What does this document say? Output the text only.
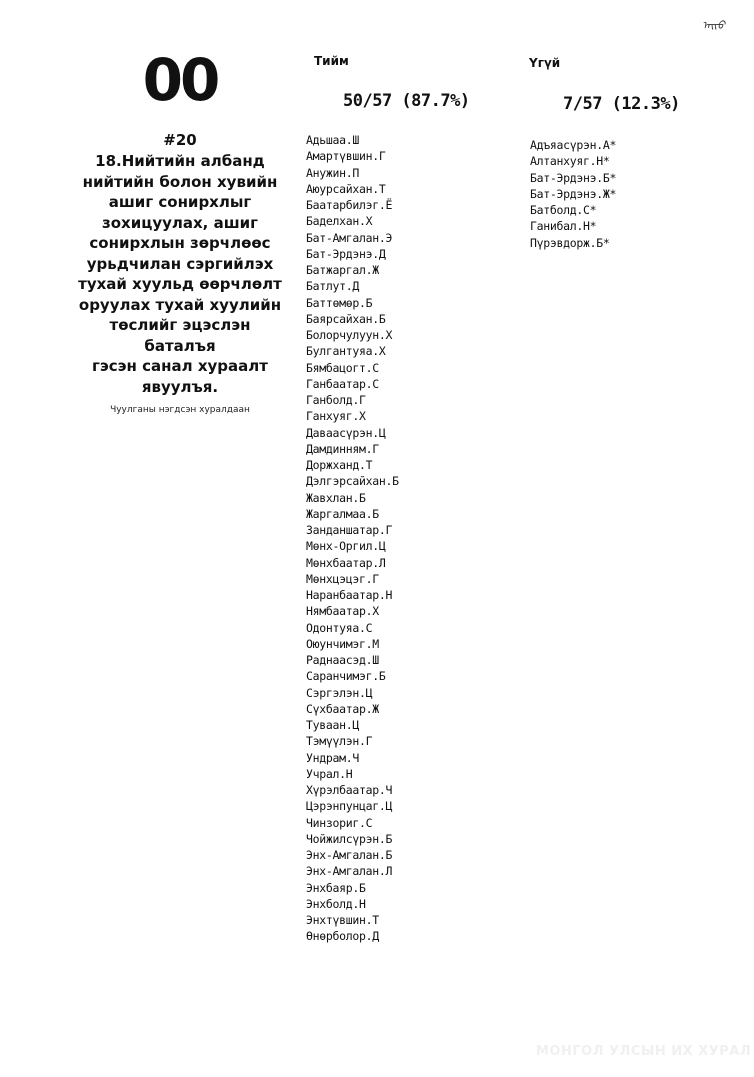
ᠠᠢᠦ
00
#20
18.Нийтийн албанд
нийтийн болон хувийн
ашиг сонирхлыг
зохицуулах, ашиг
сонирхлын зөрчлөөс
урьдчилан сэргийлэх
тухай хуульд өөрчлөлт
оруулах тухай хуулийн
төслийг эцэслэн баталъя
гэсэн санал хураалт
явуулъя.
Чуулганы нэгдсэн хуралдаан
Тийм
50/57 (87.7%)
Адьшаа.Ш
Амартүвшин.Г
Анужин.П
Аюурсайхан.Т
Баатарбилэг.Ё
Баделхан.Х
Бат-Амгалан.Э
Бат-Эрдэнэ.Д
Батжаргал.Ж
Батлут.Д
Баттөмөр.Б
Баярсайхан.Б
Болорчулуун.Х
Булгантуяа.Х
Бямбацогт.С
Ганбаатар.С
Ганболд.Г
Ганхуяг.Х
Даваасүрэн.Ц
Дамдинням.Г
Доржханд.Т
Дэлгэрсайхан.Б
Жавхлан.Б
Жаргалмаа.Б
Занданшатар.Г
Мөнх-Оргил.Ц
Мөнхбаатар.Л
Мөнхцэцэг.Г
Наранбаатар.Н
Нямбаатар.Х
Одонтуяа.С
Оюунчимэг.М
Раднаасэд.Ш
Саранчимэг.Б
Сэргэлэн.Ц
Сүхбаатар.Ж
Туваан.Ц
Тэмүүлэн.Г
Ундрам.Ч
Учрал.Н
Хүрэлбаатар.Ч
Цэрэнпунцаг.Ц
Чинзориг.С
Чойжилсүрэн.Б
Энх-Амгалан.Б
Энх-Амгалан.Л
Энхбаяр.Б
Энхболд.Н
Энхтүвшин.Т
Өнөрболор.Д
Үгүй
7/57 (12.3%)
Адъяасүрэн.А*
Алтанхуяг.Н*
Бат-Эрдэнэ.Б*
Бат-Эрдэнэ.Ж*
Батболд.С*
Ганибал.Н*
Пүрэвдорж.Б*
МОНГОЛ УЛСЫН ИХ ХУРАЛ
